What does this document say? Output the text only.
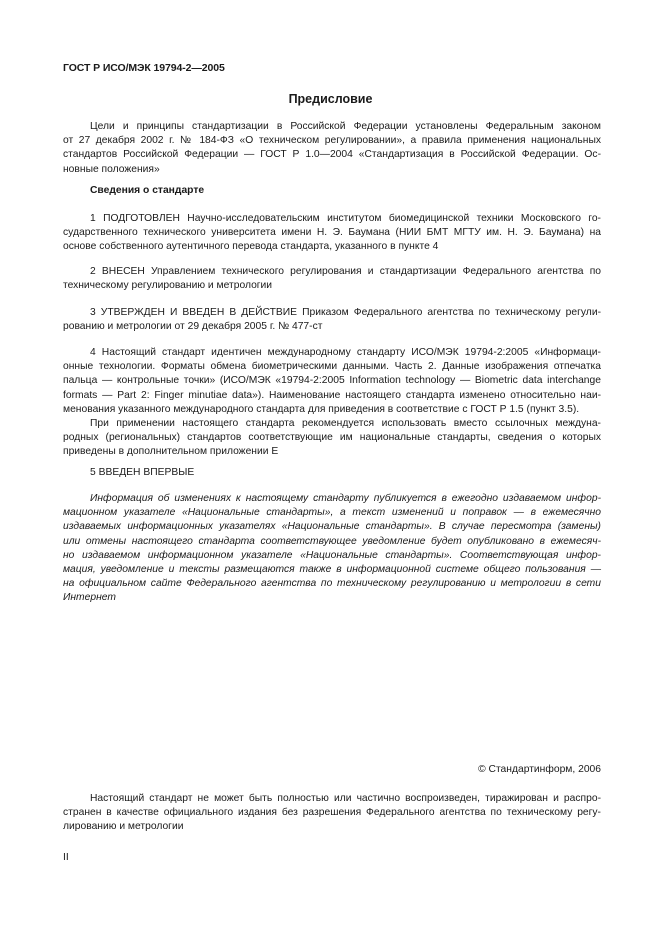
ГОСТ Р ИСО/МЭК 19794-2—2005
Предисловие
Цели и принципы стандартизации в Российской Федерации установлены Федеральным законом
от 27 декабря 2002 г. № 184-ФЗ «О техническом регулировании», а правила применения национальных
стандартов Российской Федерации — ГОСТ Р 1.0—2004 «Стандартизация в Российской Федерации. Ос-
новные положения»
Сведения о стандарте
1 ПОДГОТОВЛЕН Научно-исследовательским институтом биомедицинской техники Московского го-
сударственного технического университета имени Н. Э. Баумана (НИИ БМТ МГТУ им. Н. Э. Баумана) на
основе собственного аутентичного перевода стандарта, указанного в пункте 4
2 ВНЕСЕН Управлением технического регулирования и стандартизации Федерального агентства по
техническому регулированию и метрологии
3 УТВЕРЖДЕН И ВВЕДЕН В ДЕЙСТВИЕ Приказом Федерального агентства по техническому регули-
рованию и метрологии от 29 декабря 2005 г. № 477-ст
4 Настоящий стандарт идентичен международному стандарту ИСО/МЭК 19794-2:2005 «Информаци-
онные технологии. Форматы обмена биометрическими данными. Часть 2. Данные изображения отпечатка
пальца — контрольные точки» (ИСО/МЭК «19794-2:2005 Information technology — Biometric data interchange
formats — Part 2: Finger minutiae data»). Наименование настоящего стандарта изменено относительно наи-
менования указанного международного стандарта для приведения в соответствие с ГОСТ Р 1.5 (пункт 3.5).
При применении настоящего стандарта рекомендуется использовать вместо ссылочных междуна-
родных (региональных) стандартов соответствующие им национальные стандарты, сведения о которых
приведены в дополнительном приложении Е
5 ВВЕДЕН ВПЕРВЫЕ
Информация об изменениях к настоящему стандарту публикуется в ежегодно издаваемом инфор-
мационном указателе «Национальные стандарты», а текст изменений и поправок — в ежемесячно
издаваемых информационных указателях «Национальные стандарты». В случае пересмотра (замены)
или отмены настоящего стандарта соответствующее уведомление будет опубликовано в ежемесяч-
но издаваемом информационном указателе «Национальные стандарты». Соответствующая инфор-
мация, уведомление и тексты размещаются также в информационной системе общего пользования —
на официальном сайте Федерального агентства по техническому регулированию и метрологии в сети
Интернет
© Стандартинформ, 2006
Настоящий стандарт не может быть полностью или частично воспроизведен, тиражирован и распро-
странен в качестве официального издания без разрешения Федерального агентства по техническому регу-
лированию и метрологии
II
